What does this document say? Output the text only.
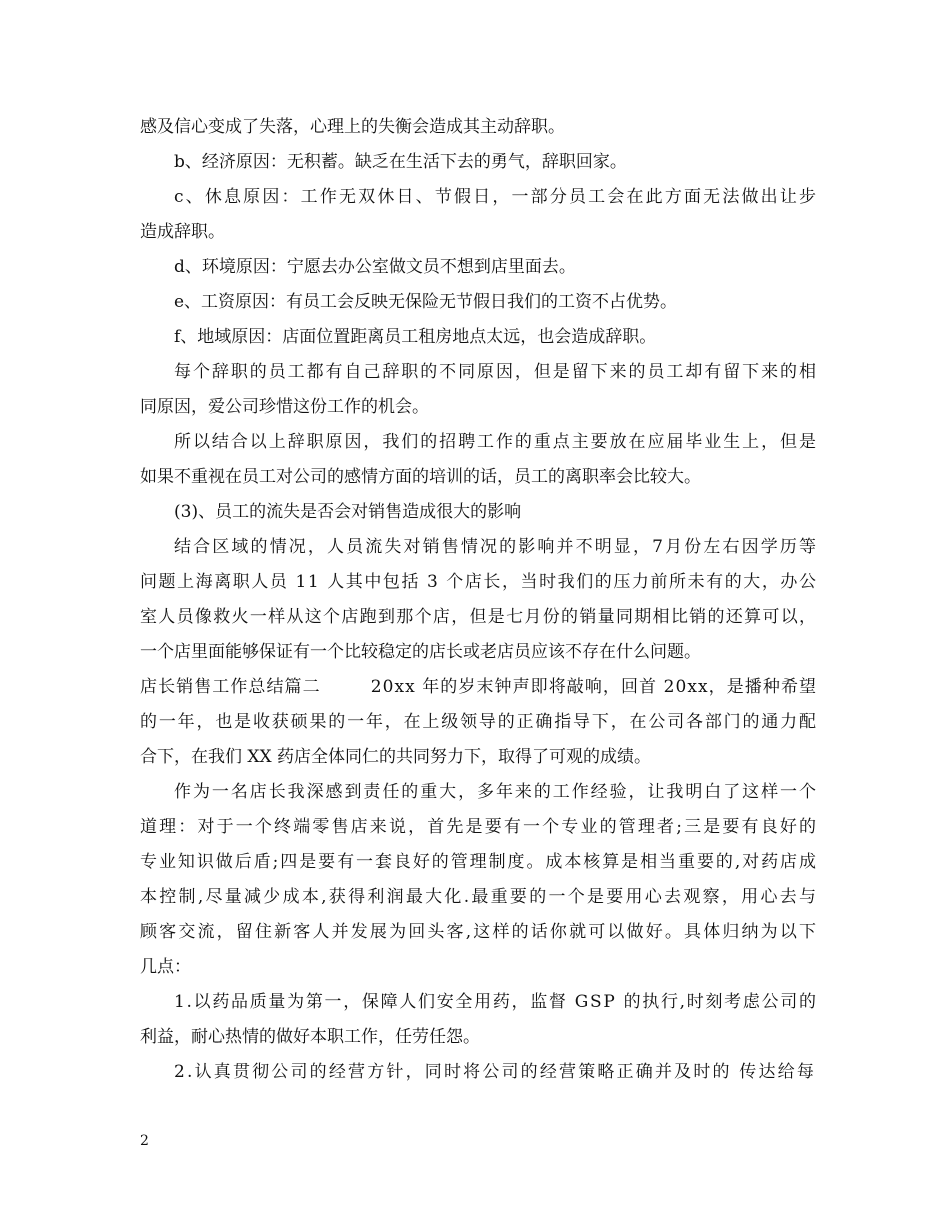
感及信心变成了失落，心理上的失衡会造成其主动辞职。
b、经济原因：无积蓄。缺乏在生活下去的勇气，辞职回家。
c、休息原因：工作无双休日、节假日，一部分员工会在此方面无法做出让步
造成辞职。
d、环境原因：宁愿去办公室做文员不想到店里面去。
e、工资原因：有员工会反映无保险无节假日我们的工资不占优势。
f、地域原因：店面位置距离员工租房地点太远，也会造成辞职。
每个辞职的员工都有自己辞职的不同原因，但是留下来的员工却有留下来的相
同原因，爱公司珍惜这份工作的机会。
所以结合以上辞职原因，我们的招聘工作的重点主要放在应届毕业生上，但是
如果不重视在员工对公司的感情方面的培训的话，员工的离职率会比较大。
(3)、员工的流失是否会对销售造成很大的影响
结合区域的情况，人员流失对销售情况的影响并不明显，7月份左右因学历等
问题上海离职人员 11 人其中包括 3 个店长，当时我们的压力前所未有的大，办公
室人员像救火一样从这个店跑到那个店，但是七月份的销量同期相比销的还算可以，
一个店里面能够保证有一个比较稳定的店长或老店员应该不存在什么问题。
店长销售工作总结篇二	20xx 年的岁末钟声即将敲响，回首 20xx，是播种希望
的一年，也是收获硕果的一年，在上级领导的正确指导下，在公司各部门的通力配
合下，在我们 XX 药店全体同仁的共同努力下，取得了可观的成绩。
作为一名店长我深感到责任的重大，多年来的工作经验，让我明白了这样一个
道理：对于一个终端零售店来说，首先是要有一个专业的管理者;三是要有良好的
专业知识做后盾;四是要有一套良好的管理制度。成本核算是相当重要的,对药店成
本控制,尽量减少成本,获得利润最大化.最重要的一个是要用心去观察，用心去与
顾客交流，留住新客人并发展为回头客,这样的话你就可以做好。具体归纳为以下
几点：
1.以药品质量为第一，保障人们安全用药，监督 GSP 的执行,时刻考虑公司的
利益，耐心热情的做好本职工作，任劳任怨。
2.认真贯彻公司的经营方针，同时将公司的经营策略正确并及时的 传达给每
2
